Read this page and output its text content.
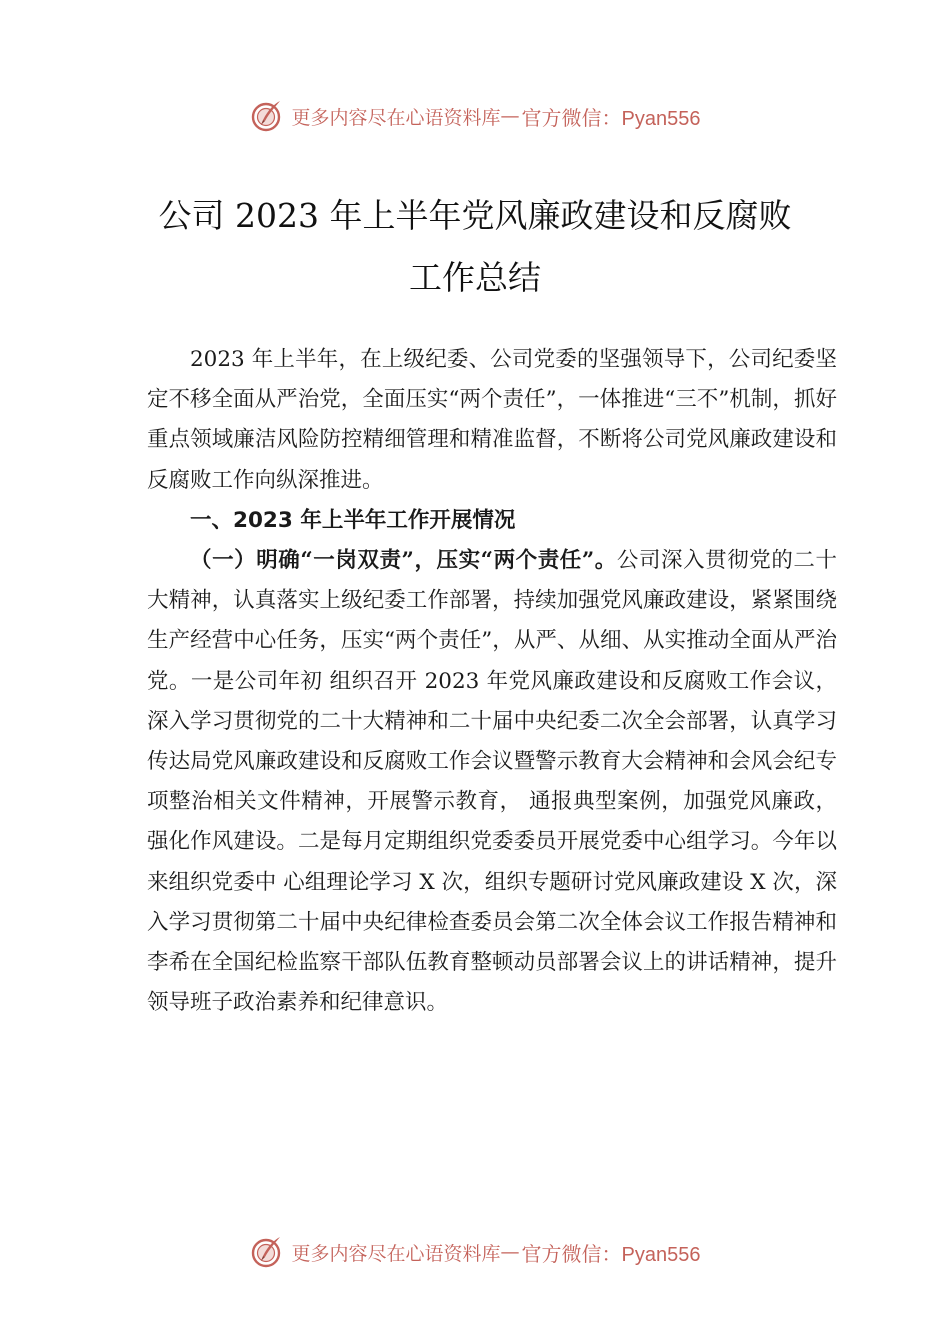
更多内容尽在心语资料库 — 官方微信：Pyan556
公司 2023 年上半年党风廉政建设和反腐败
工作总结

2023 年上半年，在上级纪委、公司党委的坚强领导下，公司纪委坚定不移全面从严治党，全面压实“两个责任”，一体推进“三不”机制，抓好重点领域廉洁风险防控精细管理和精准监督，不断将公司党风廉政建设和反腐败工作向纵深推进。

一、2023 年上半年工作开展情况

（一）明确“一岗双责”，压实“两个责任”。公司深入贯彻党的二十大精神，认真落实上级纪委工作部署，持续加强党风廉政建设，紧紧围绕生产经营中心任务，压实“两个责任”，从严、从细、从实推动全面从严治党。一是公司年初 组织召开 2023 年党风廉政建设和反腐败工作会议，深入学习贯彻党的二十大精神和二十届中央纪委二次全会部署，认真学习传达局党风廉政建设和反腐败工作会议暨警示教育大会精神和会风会纪专项整治相关文件精神，开展警示教育， 通报典型案例，加强党风廉政，强化作风建设。二是每月定期组织党委委员开展党委中心组学习。今年以来组织党委中 心组理论学习 X 次，组织专题研讨党风廉政建设 X 次，深入学习贯彻第二十届中央纪律检查委员会第二次全体会议工作报告精神和李希在全国纪检监察干部队伍教育整顿动员部署会议上的讲话精神，提升领导班子政治素养和纪律意识。

更多内容尽在心语资料库 — 官方微信：Pyan556
